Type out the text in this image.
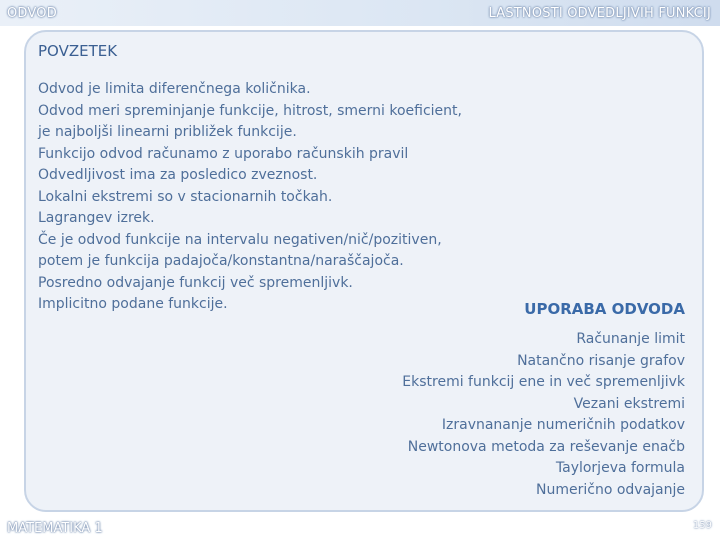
ODVOD	LASTNOSTI ODVEDLJIVIH FUNKCIJ
POVZETEK
Odvod je limita diferenčnega količnika.
Odvod meri spreminjanje funkcije, hitrost, smerni koeficient,
je najboljši linearni približek funkcije.
Funkcijo odvod računamo z uporabo računskih pravil
Odvedljivost ima za posledico zveznost.
Lokalni ekstremi so v stacionarnih točkah.
Lagrangev izrek.
Če je odvod funkcije na intervalu negativen/nič/pozitiven,
potem je funkcija padajoča/konstantna/naraščajoča.
Posredno odvajanje funkcij več spremenljivk.
Implicitno podane funkcije.	UPORABA ODVODA
Računanje limit
Natančno risanje grafov
Ekstremi funkcij ene in več spremenljivk
Vezani ekstremi
Izravnananje numeričnih podatkov
Newtonova metoda za reševanje enačb
Taylorjeva formula
Numerično odvajanje
MATEMATIKA 1	159
